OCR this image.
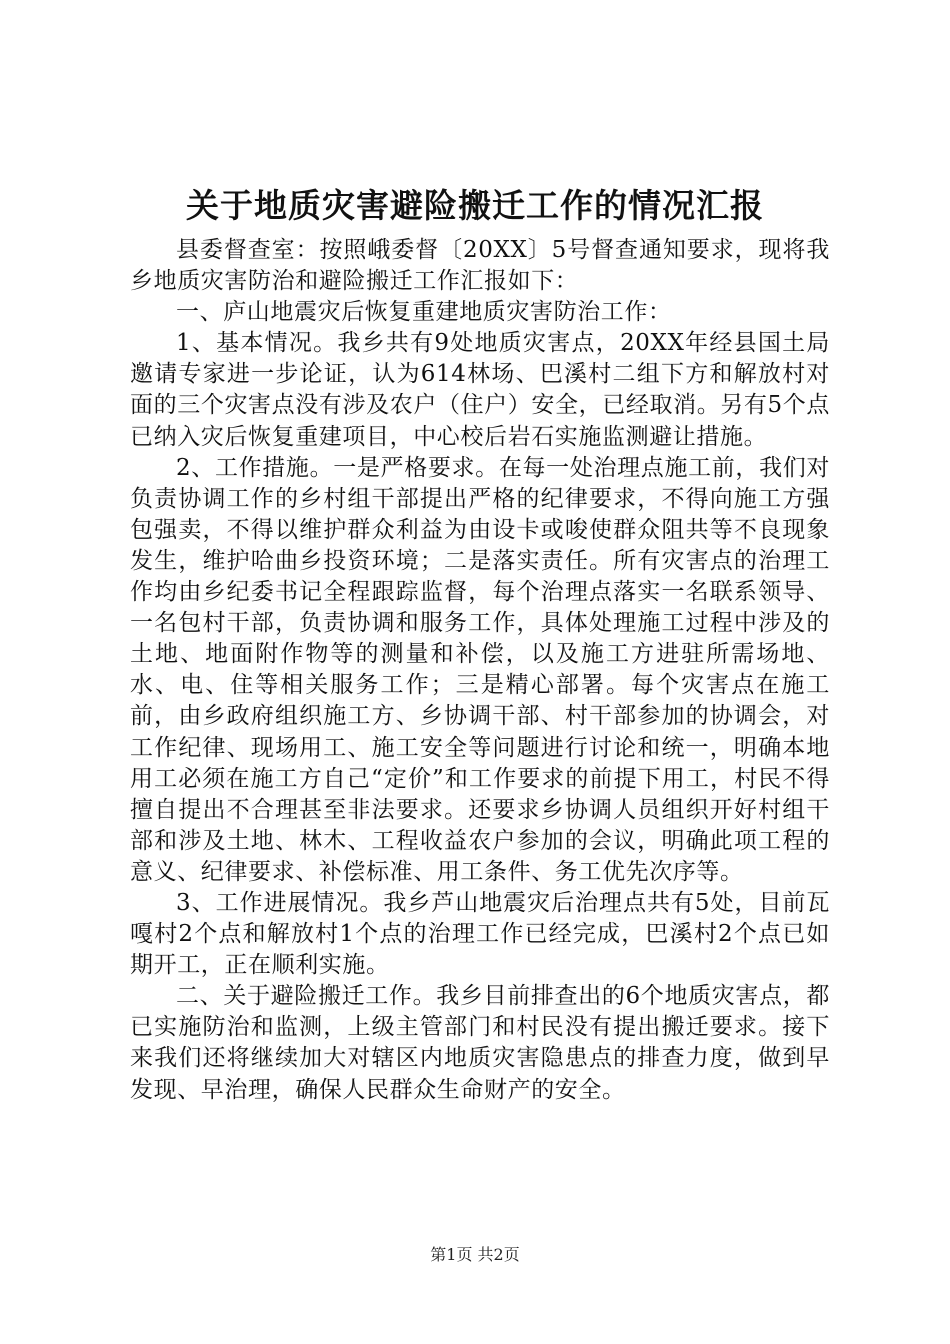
关于地质灾害避险搬迁工作的情况汇报

县委督查室：按照峨委督〔20XX〕5号督查通知要求，现将我乡地质灾害防治和避险搬迁工作汇报如下：

一、庐山地震灾后恢复重建地质灾害防治工作：

1、基本情况。我乡共有9处地质灾害点，20XX年经县国土局邀请专家进一步论证，认为614林场、巴溪村二组下方和解放村对面的三个灾害点没有涉及农户（住户）安全，已经取消。另有5个点已纳入灾后恢复重建项目，中心校后岩石实施监测避让措施。

2、工作措施。一是严格要求。在每一处治理点施工前，我们对负责协调工作的乡村组干部提出严格的纪律要求，不得向施工方强包强卖，不得以维护群众利益为由设卡或唆使群众阻共等不良现象发生，维护哈曲乡投资环境；二是落实责任。所有灾害点的治理工作均由乡纪委书记全程跟踪监督，每个治理点落实一名联系领导、一名包村干部，负责协调和服务工作，具体处理施工过程中涉及的土地、地面附作物等的测量和补偿，以及施工方进驻所需场地、水、电、住等相关服务工作；三是精心部署。每个灾害点在施工前，由乡政府组织施工方、乡协调干部、村干部参加的协调会，对工作纪律、现场用工、施工安全等问题进行讨论和统一，明确本地用工必须在施工方自己“定价”和工作要求的前提下用工，村民不得擅自提出不合理甚至非法要求。还要求乡协调人员组织开好村组干部和涉及土地、林木、工程收益农户参加的会议，明确此项工程的意义、纪律要求、补偿标准、用工条件、务工优先次序等。

3、工作进展情况。我乡芦山地震灾后治理点共有5处，目前瓦嘎村2个点和解放村1个点的治理工作已经完成，巴溪村2个点已如期开工，正在顺利实施。

二、关于避险搬迁工作。我乡目前排查出的6个地质灾害点，都已实施防治和监测，上级主管部门和村民没有提出搬迁要求。接下来我们还将继续加大对辖区内地质灾害隐患点的排查力度，做到早发现、早治理，确保人民群众生命财产的安全。

第1页 共2页
